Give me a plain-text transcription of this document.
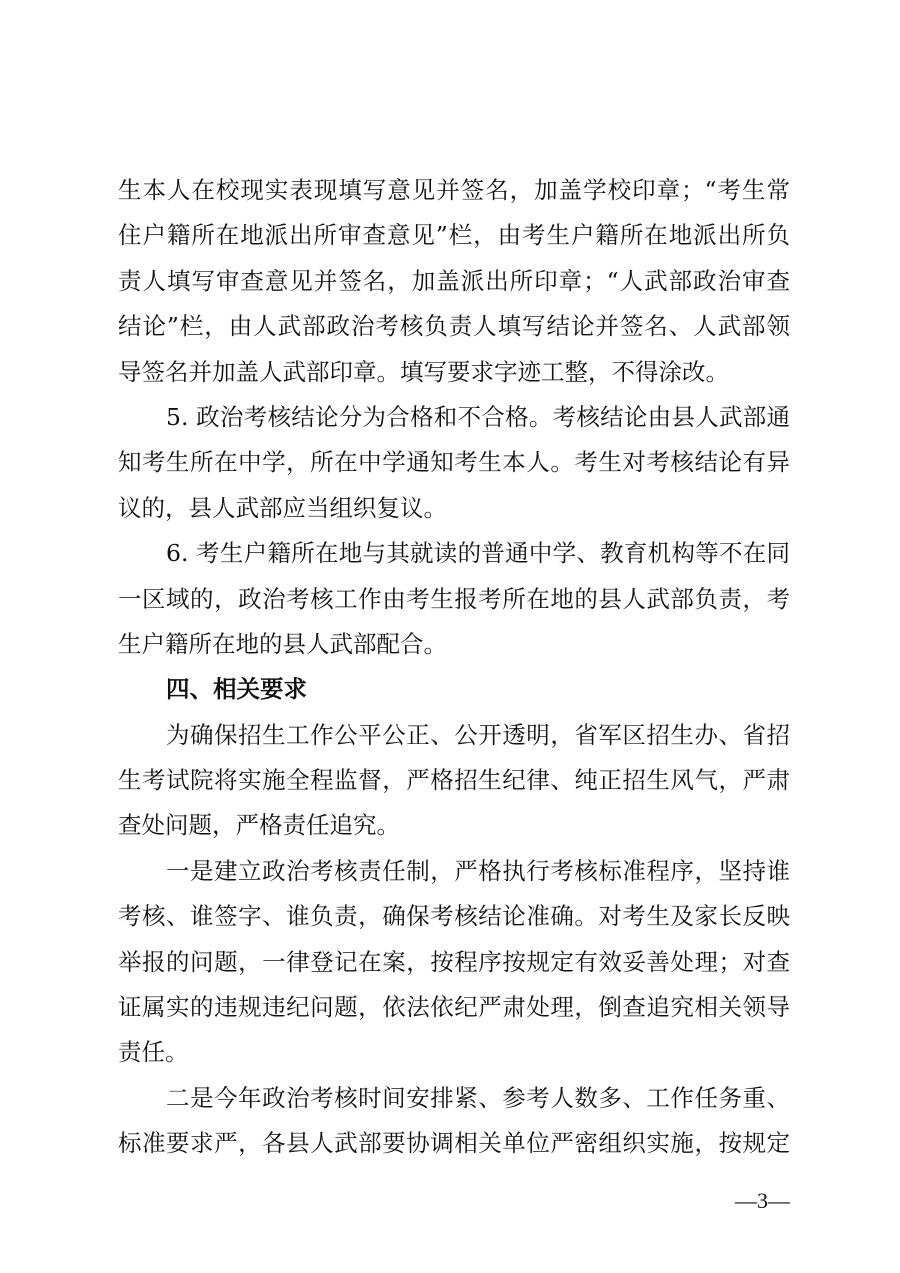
生本人在校现实表现填写意见并签名，加盖学校印章；“考生常
住户籍所在地派出所审查意见”栏，由考生户籍所在地派出所负
责人填写审查意见并签名，加盖派出所印章；“人武部政治审查
结论”栏，由人武部政治考核负责人填写结论并签名、人武部领
导签名并加盖人武部印章。填写要求字迹工整，不得涂改。
5. 政治考核结论分为合格和不合格。考核结论由县人武部通
知考生所在中学，所在中学通知考生本人。考生对考核结论有异
议的，县人武部应当组织复议。
6. 考生户籍所在地与其就读的普通中学、教育机构等不在同
一区域的，政治考核工作由考生报考所在地的县人武部负责，考
生户籍所在地的县人武部配合。
四、相关要求
为确保招生工作公平公正、公开透明，省军区招生办、省招
生考试院将实施全程监督，严格招生纪律、纯正招生风气，严肃
查处问题，严格责任追究。
一是建立政治考核责任制，严格执行考核标准程序，坚持谁
考核、谁签字、谁负责，确保考核结论准确。对考生及家长反映
举报的问题，一律登记在案，按程序按规定有效妥善处理；对查
证属实的违规违纪问题，依法依纪严肃处理，倒查追究相关领导
责任。
二是今年政治考核时间安排紧、参考人数多、工作任务重、
标准要求严，各县人武部要协调相关单位严密组织实施，按规定
—3—
